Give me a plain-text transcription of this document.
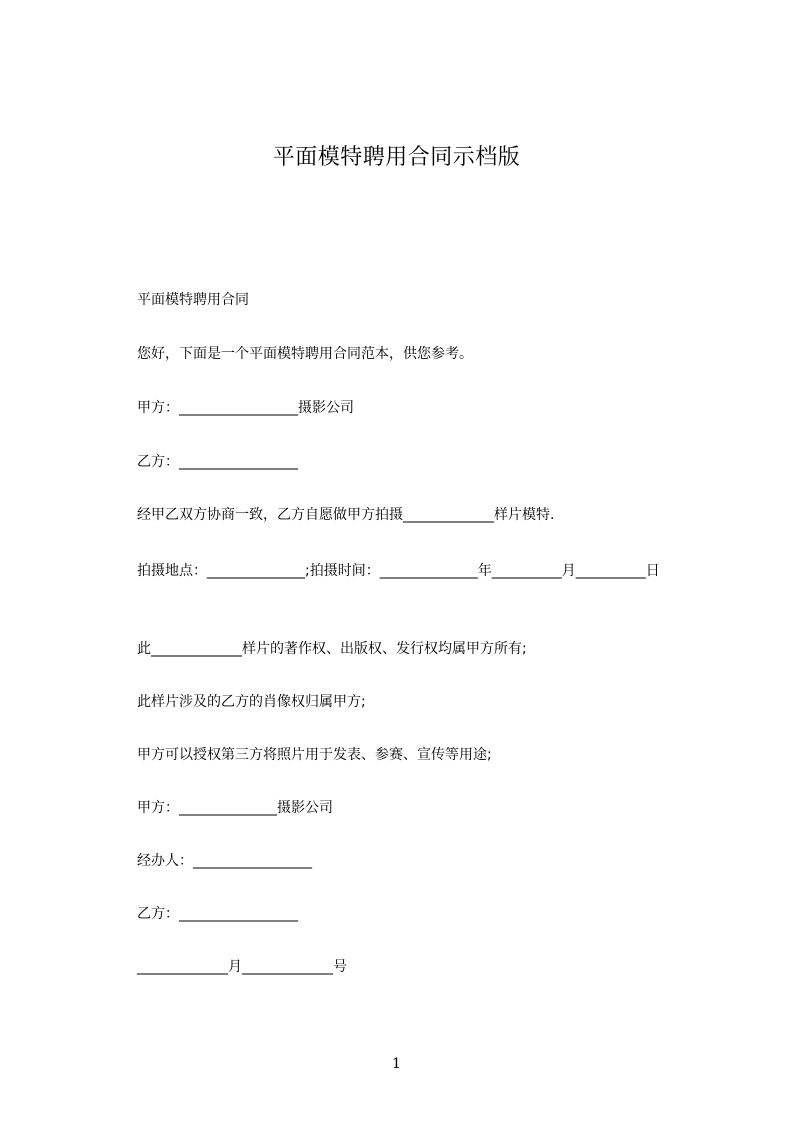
平面模特聘用合同示档版
平面模特聘用合同
您好，下面是一个平面模特聘用合同范本，供您参考。
甲方：_________________摄影公司
乙方：_________________
经甲乙双方协商一致，乙方自愿做甲方拍摄_____________样片模特.
拍摄地点：______________;拍摄时间：______________年__________月__________日
此_____________样片的著作权、出版权、发行权均属甲方所有;
此样片涉及的乙方的肖像权归属甲方;
甲方可以授权第三方将照片用于发表、参赛、宣传等用途;
甲方：______________摄影公司
经办人：_________________
乙方：_________________
_____________月_____________号
1
